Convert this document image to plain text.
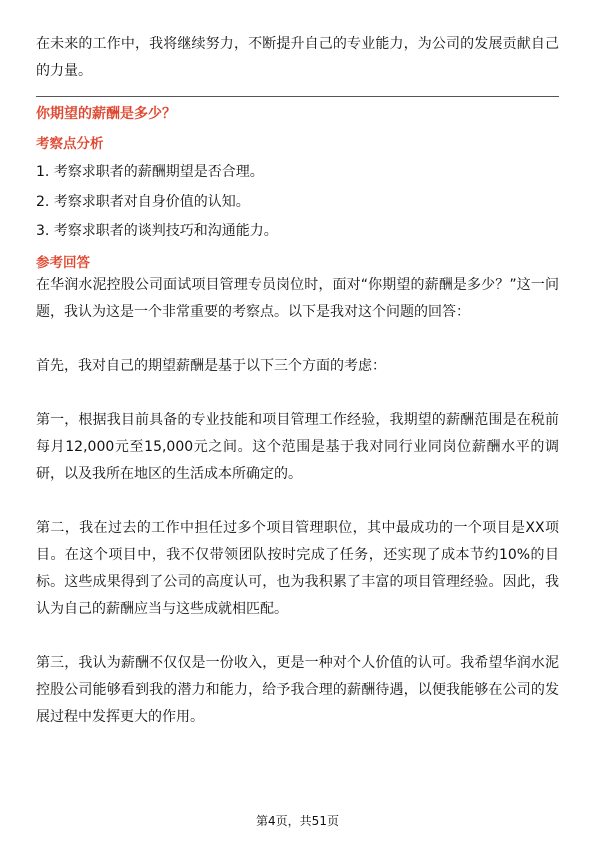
在未来的工作中，我将继续努力，不断提升自己的专业能力，为公司的发展贡献自己的力量。

你期望的薪酬是多少？

考察点分析

1. 考察求职者的薪酬期望是否合理。
2. 考察求职者对自身价值的认知。
3. 考察求职者的谈判技巧和沟通能力。

参考回答

在华润水泥控股公司面试项目管理专员岗位时，面对“你期望的薪酬是多少？”这一问题，我认为这是一个非常重要的考察点。以下是我对这个问题的回答：

首先，我对自己的期望薪酬是基于以下三个方面的考虑：

第一，根据我目前具备的专业技能和项目管理工作经验，我期望的薪酬范围是在税前每月12,000元至15,000元之间。这个范围是基于我对同行业同岗位薪酬水平的调研，以及我所在地区的生活成本所确定的。

第二，我在过去的工作中担任过多个项目管理职位，其中最成功的一个项目是XX项目。在这个项目中，我不仅带领团队按时完成了任务，还实现了成本节约10%的目标。这些成果得到了公司的高度认可，也为我积累了丰富的项目管理经验。因此，我认为自己的薪酬应当与这些成就相匹配。

第三，我认为薪酬不仅仅是一份收入，更是一种对个人价值的认可。我希望华润水泥控股公司能够看到我的潜力和能力，给予我合理的薪酬待遇，以便我能够在公司的发展过程中发挥更大的作用。

第4页，共51页
